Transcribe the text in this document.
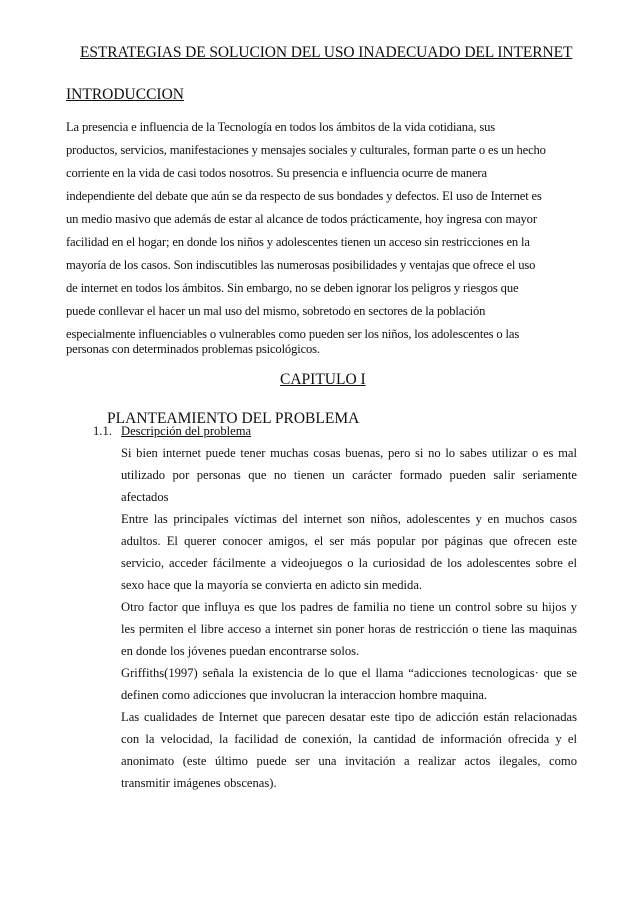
ESTRATEGIAS DE SOLUCION DEL USO INADECUADO DEL INTERNET
INTRODUCCION
La presencia e influencia de la Tecnología en todos los ámbitos de la vida cotidiana, sus
productos, servicios, manifestaciones y mensajes sociales y culturales, forman parte o es un hecho
corriente en la vida de casi todos nosotros. Su presencia e influencia ocurre de manera
independiente del debate que aún se da respecto de sus bondades y defectos. El uso de Internet es
un medio masivo que además de estar al alcance de todos prácticamente, hoy ingresa con mayor
facilidad en el hogar; en donde los niños y adolescentes tienen un acceso sin restricciones en la
mayoría de los casos. Son indiscutibles las numerosas posibilidades y ventajas que ofrece el uso
de internet en todos los ámbitos. Sin embargo, no se deben ignorar los peligros y riesgos que
puede conllevar el hacer un mal uso del mismo, sobretodo en sectores de la población
especialmente influenciables o vulnerables como pueden ser los niños, los adolescentes o las
personas con determinados problemas psicológicos.
CAPITULO I
PLANTEAMIENTO DEL PROBLEMA
1.1. Descripción del problema
Si bien internet puede tener muchas cosas buenas, pero si no lo sabes utilizar o es mal
utilizado por personas que no tienen un carácter formado pueden salir seriamente
afectados
Entre las principales víctimas del internet son niños, adolescentes y en muchos casos
adultos. El querer conocer amigos, el ser más popular por páginas que ofrecen este
servicio, acceder fácilmente a videojuegos o la curiosidad de los adolescentes sobre el
sexo hace que la mayoría se convierta en adicto sin medida.
Otro factor que influya es que los padres de familia no tiene un control sobre su hijos y
les permiten el libre acceso a internet sin poner horas de restricción o tiene las maquinas
en donde los jóvenes puedan encontrarse solos.
Griffiths(1997) señala la existencia de lo que el llama “adicciones tecnologicas· que se
definen como adicciones que involucran la interaccion hombre maquina.
Las cualidades de Internet que parecen desatar este tipo de adicción están relacionadas
con la velocidad, la facilidad de conexión, la cantidad de información ofrecida y el
anonimato (este último puede ser una invitación a realizar actos ilegales, como
transmitir imágenes obscenas).
